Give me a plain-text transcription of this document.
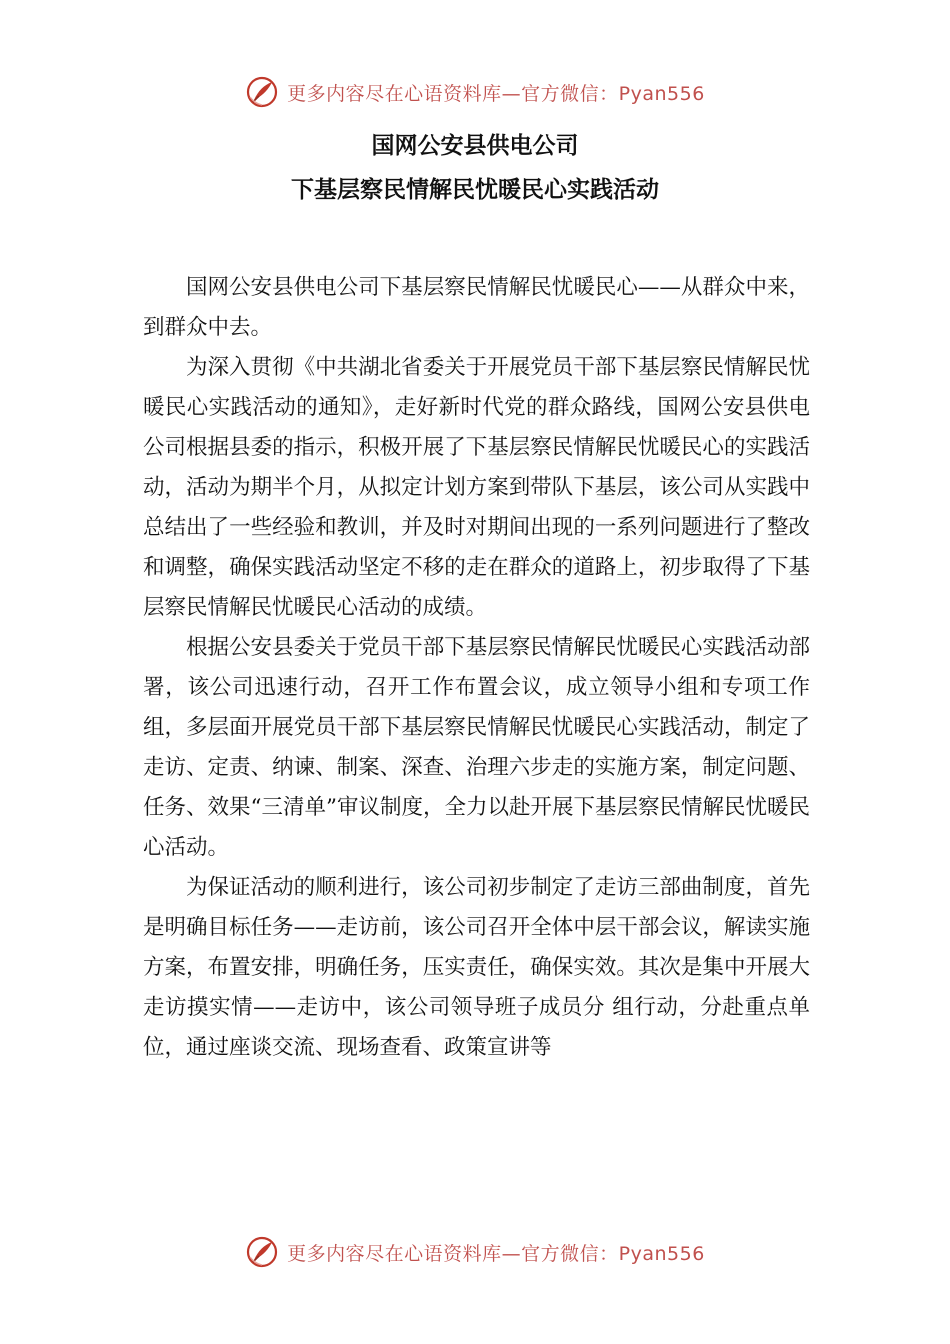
更多内容尽在心语资料库—官方微信：Pyan556
国网公安县供电公司
下基层察民情解民忧暖民心实践活动

国网公安县供电公司下基层察民情解民忧暖民心——从群众中来，到群众中去。

为深入贯彻《中共湖北省委关于开展党员干部下基层察民情解民忧暖民心实践活动的通知》，走好新时代党的群众路线，国网公安县供电公司根据县委的指示，积极开展了下基层察民情解民忧暖民心的实践活动，活动为期半个月，从拟定计划方案到带队下基层，该公司从实践中总结出了一些经验和教训，并及时对期间出现的一系列问题进行了整改和调整，确保实践活动坚定不移的走在群众的道路上，初步取得了下基层察民情解民忧暖民心活动的成绩。

根据公安县委关于党员干部下基层察民情解民忧暖民心实践活动部署，该公司迅速行动，召开工作布置会议，成立领导小组和专项工作组，多层面开展党员干部下基层察民情解民忧暖民心实践活动，制定了走访、定责、纳谏、制案、深查、治理六步走的实施方案，制定问题、任务、效果“三清单”审议制度，全力以赴开展下基层察民情解民忧暖民心活动。

为保证活动的顺利进行，该公司初步制定了走访三部曲制度，首先是明确目标任务——走访前，该公司召开全体中层干部会议，解读实施方案，布置安排，明确任务，压实责任，确保实效。其次是集中开展大走访摸实情——走访中，该公司领导班子成员分 组行动，分赴重点单位，通过座谈交流、现场查看、政策宣讲等

更多内容尽在心语资料库—官方微信：Pyan556
